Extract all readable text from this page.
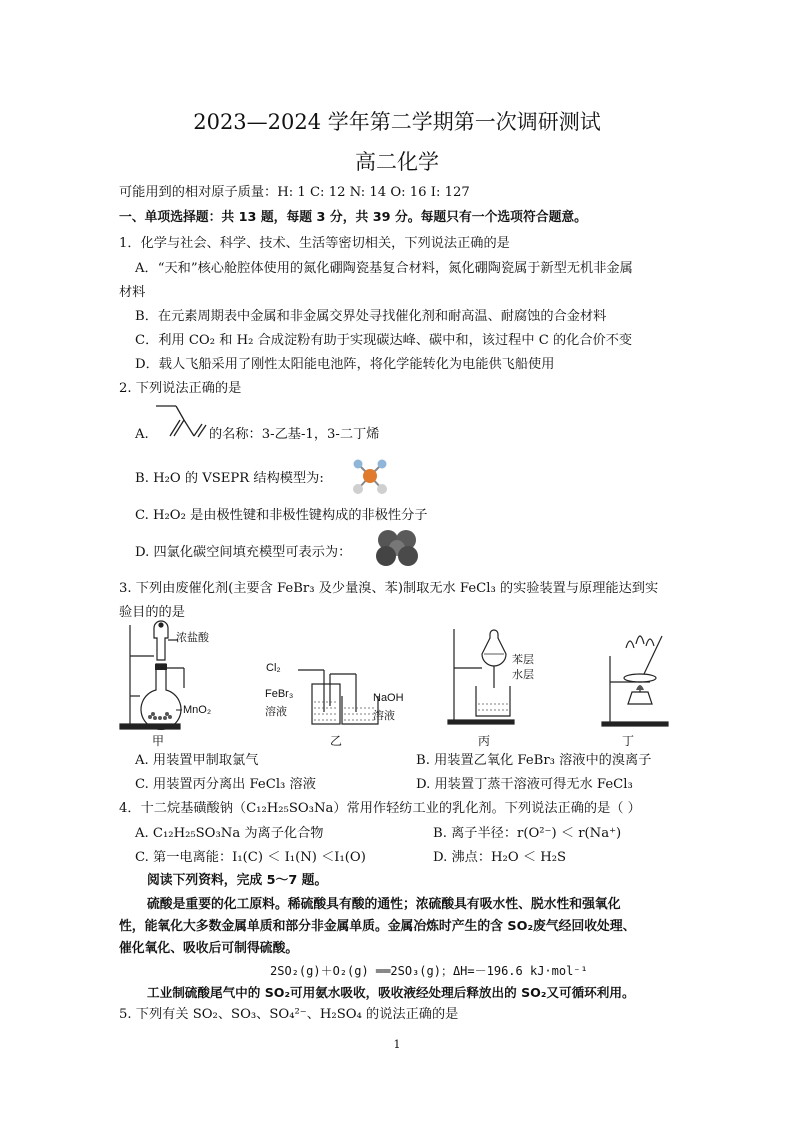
2023—2024 学年第二学期第一次调研测试
高二化学
可能用到的相对原子质量：H: 1 C: 12 N: 14 O: 16 I: 127
一、单项选择题：共 13 题，每题 3 分，共 39 分。每题只有一个选项符合题意。
1．化学与社会、科学、技术、生活等密切相关，下列说法正确的是
A．“天和”核心舱腔体使用的氮化硼陶瓷基复合材料，氮化硼陶瓷属于新型无机非金属
材料
B．在元素周期表中金属和非金属交界处寻找催化剂和耐高温、耐腐蚀的合金材料
C．利用 CO₂ 和 H₂ 合成淀粉有助于实现碳达峰、碳中和，该过程中 C 的化合价不变
D．载人飞船采用了刚性太阳能电池阵，将化学能转化为电能供飞船使用
2. 下列说法正确的是
A.	的名称：3-乙基-1，3-二丁烯
B. H₂O 的 VSEPR 结构模型为:
C. H₂O₂ 是由极性键和非极性键构成的非极性分子
D. 四氯化碳空间填充模型可表示为：
3. 下列由废催化剂(主要含 FeBr₃ 及少量溴、苯)制取无水 FeCl₃ 的实验装置与原理能达到实
验目的的是
浓盐酸
MnO₂
甲
Cl₂
FeBr₃
溶液
NaOH
溶液
乙
苯层
水层
丙	丁
A. 用装置甲制取氯气	B. 用装置乙氧化 FeBr₃ 溶液中的溴离子
C. 用装置丙分离出 FeCl₃ 溶液	D. 用装置丁蒸干溶液可得无水 FeCl₃
4．十二烷基磺酸钠（C₁₂H₂₅SO₃Na）常用作轻纺工业的乳化剂。下列说法正确的是（ ）
A. C₁₂H₂₅SO₃Na 为离子化合物	B. 离子半径：r(O²⁻) ＜ r(Na⁺)
C. 第一电离能：I₁(C) ＜ I₁(N) ＜I₁(O)	D. 沸点：H₂O ＜ H₂S
阅读下列资料，完成 5～7 题。
硫酸是重要的化工原料。稀硫酸具有酸的通性；浓硫酸具有吸水性、脱水性和强氧化
性，能氧化大多数金属单质和部分非金属单质。金属冶炼时产生的含 SO₂废气经回收处理、
催化氧化、吸收后可制得硫酸。
2SO₂(g)＋O₂(g) ══2SO₃(g)；ΔH=－196.6 kJ·mol⁻¹
工业制硫酸尾气中的 SO₂可用氨水吸收，吸收液经处理后释放出的 SO₂又可循环利用。
5. 下列有关 SO₂、SO₃、SO₄²⁻、H₂SO₄ 的说法正确的是
1
